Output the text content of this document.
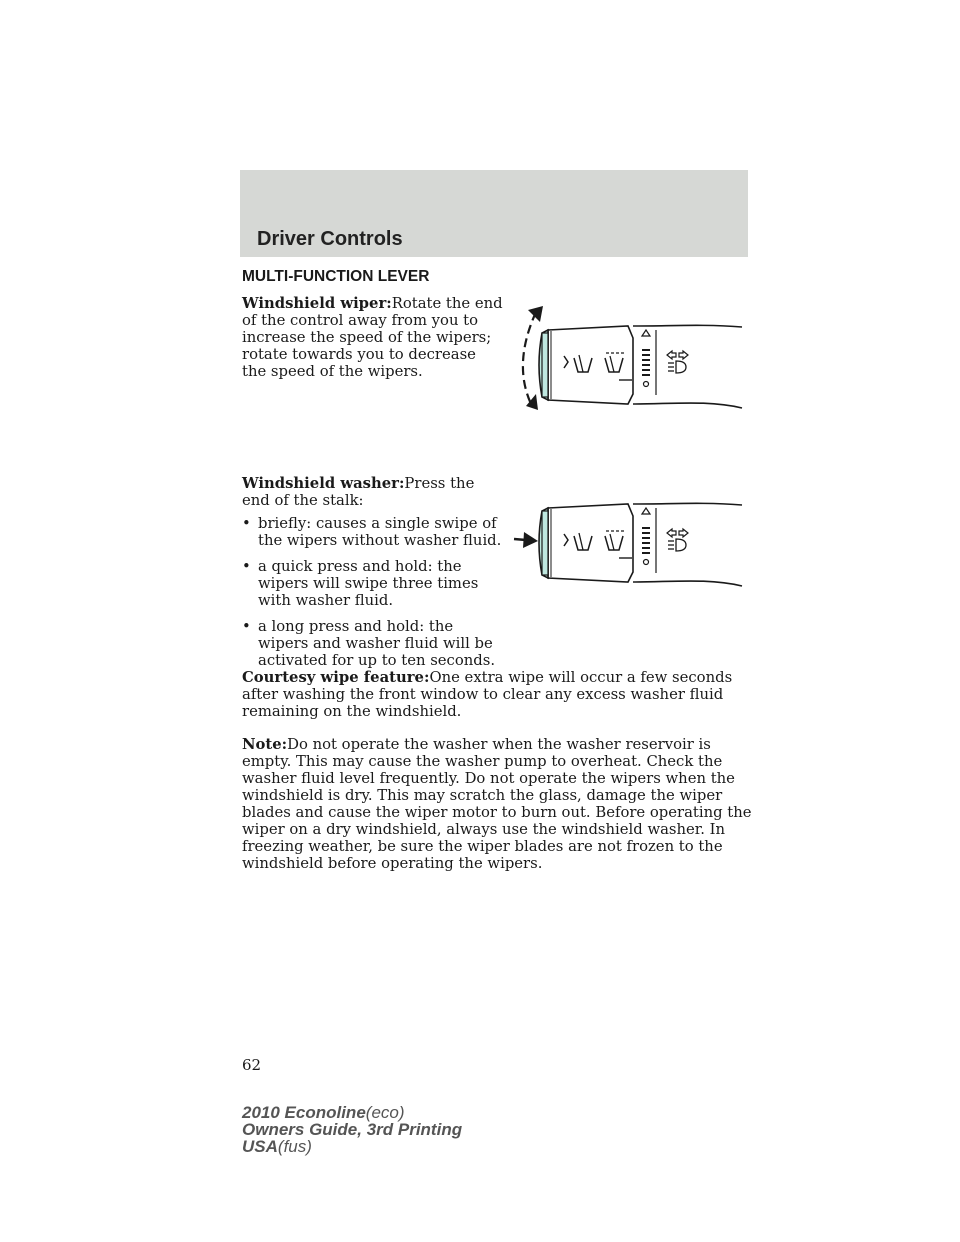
Driver Controls
MULTI-FUNCTION LEVER

Windshield wiper:Rotate the end of the control away from you to increase the speed of the wipers; rotate towards you to decrease the speed of the wipers.

Windshield washer:Press the end of the stalk:

• briefly: causes a single swipe of the wipers without washer fluid.
• a quick press and hold: the wipers will swipe three times with washer fluid.
• a long press and hold: the wipers and washer fluid will be activated for up to ten seconds.

Courtesy wipe feature:One extra wipe will occur a few seconds after washing the front window to clear any excess washer fluid remaining on the windshield.

Note:Do not operate the washer when the washer reservoir is empty. This may cause the washer pump to overheat. Check the washer fluid level frequently. Do not operate the wipers when the windshield is dry. This may scratch the glass, damage the wiper blades and cause the wiper motor to burn out. Before operating the wiper on a dry windshield, always use the windshield washer. In freezing weather, be sure the wiper blades are not frozen to the windshield before operating the wipers.

62
2010 Econoline(eco)
Owners Guide, 3rd Printing
USA(fus)
